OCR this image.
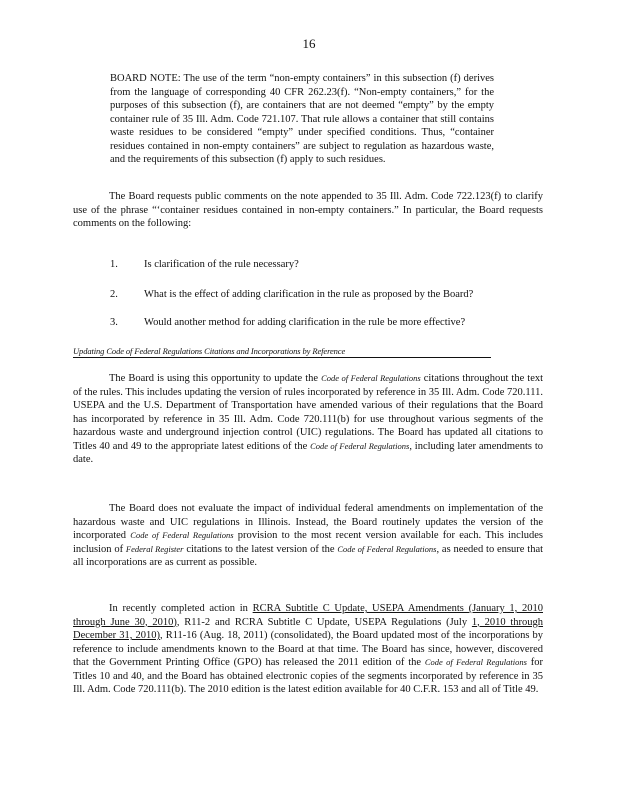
16
BOARD NOTE: The use of the term “non-empty containers” in this subsection (f) derives from the language of corresponding 40 CFR 262.23(f). “Non-empty containers,” for the purposes of this subsection (f), are containers that are not deemed “empty” by the empty container rule of 35 Ill. Adm. Code 721.107. That rule allows a container that still contains waste residues to be considered “empty” under specified conditions. Thus, “container residues contained in non-empty containers” are subject to regulation as hazardous waste, and the requirements of this subsection (f) apply to such residues.
The Board requests public comments on the note appended to 35 Ill. Adm. Code 722.123(f) to clarify use of the phrase “‘container residues contained in non-empty containers.” In particular, the Board requests comments on the following:
1. Is clarification of the rule necessary?
2. What is the effect of adding clarification in the rule as proposed by the Board?
3. Would another method for adding clarification in the rule be more effective?
Updating Code of Federal Regulations Citations and Incorporations by Reference
The Board is using this opportunity to update the Code of Federal Regulations citations throughout the text of the rules. This includes updating the version of rules incorporated by reference in 35 Ill. Adm. Code 720.111. USEPA and the U.S. Department of Transportation have amended various of their regulations that the Board has incorporated by reference in 35 Ill. Adm. Code 720.111(b) for use throughout various segments of the hazardous waste and underground injection control (UIC) regulations. The Board has updated all citations to Titles 40 and 49 to the appropriate latest editions of the Code of Federal Regulations, including later amendments to date.
The Board does not evaluate the impact of individual federal amendments on implementation of the hazardous waste and UIC regulations in Illinois. Instead, the Board routinely updates the version of the incorporated Code of Federal Regulations provision to the most recent version available for each. This includes inclusion of Federal Register citations to the latest version of the Code of Federal Regulations, as needed to ensure that all incorporations are as current as possible.
In recently completed action in RCRA Subtitle C Update, USEPA Amendments (January 1, 2010 through June 30, 2010), R11-2 and RCRA Subtitle C Update, USEPA Regulations (July 1, 2010 through December 31, 2010), R11-16 (Aug. 18, 2011) (consolidated), the Board updated most of the incorporations by reference to include amendments known to the Board at that time. The Board has since, however, discovered that the Government Printing Office (GPO) has released the 2011 edition of the Code of Federal Regulations for Titles 10 and 40, and the Board has obtained electronic copies of the segments incorporated by reference in 35 Ill. Adm. Code 720.111(b). The 2010 edition is the latest edition available for 40 C.F.R. 153 and all of Title 49.
